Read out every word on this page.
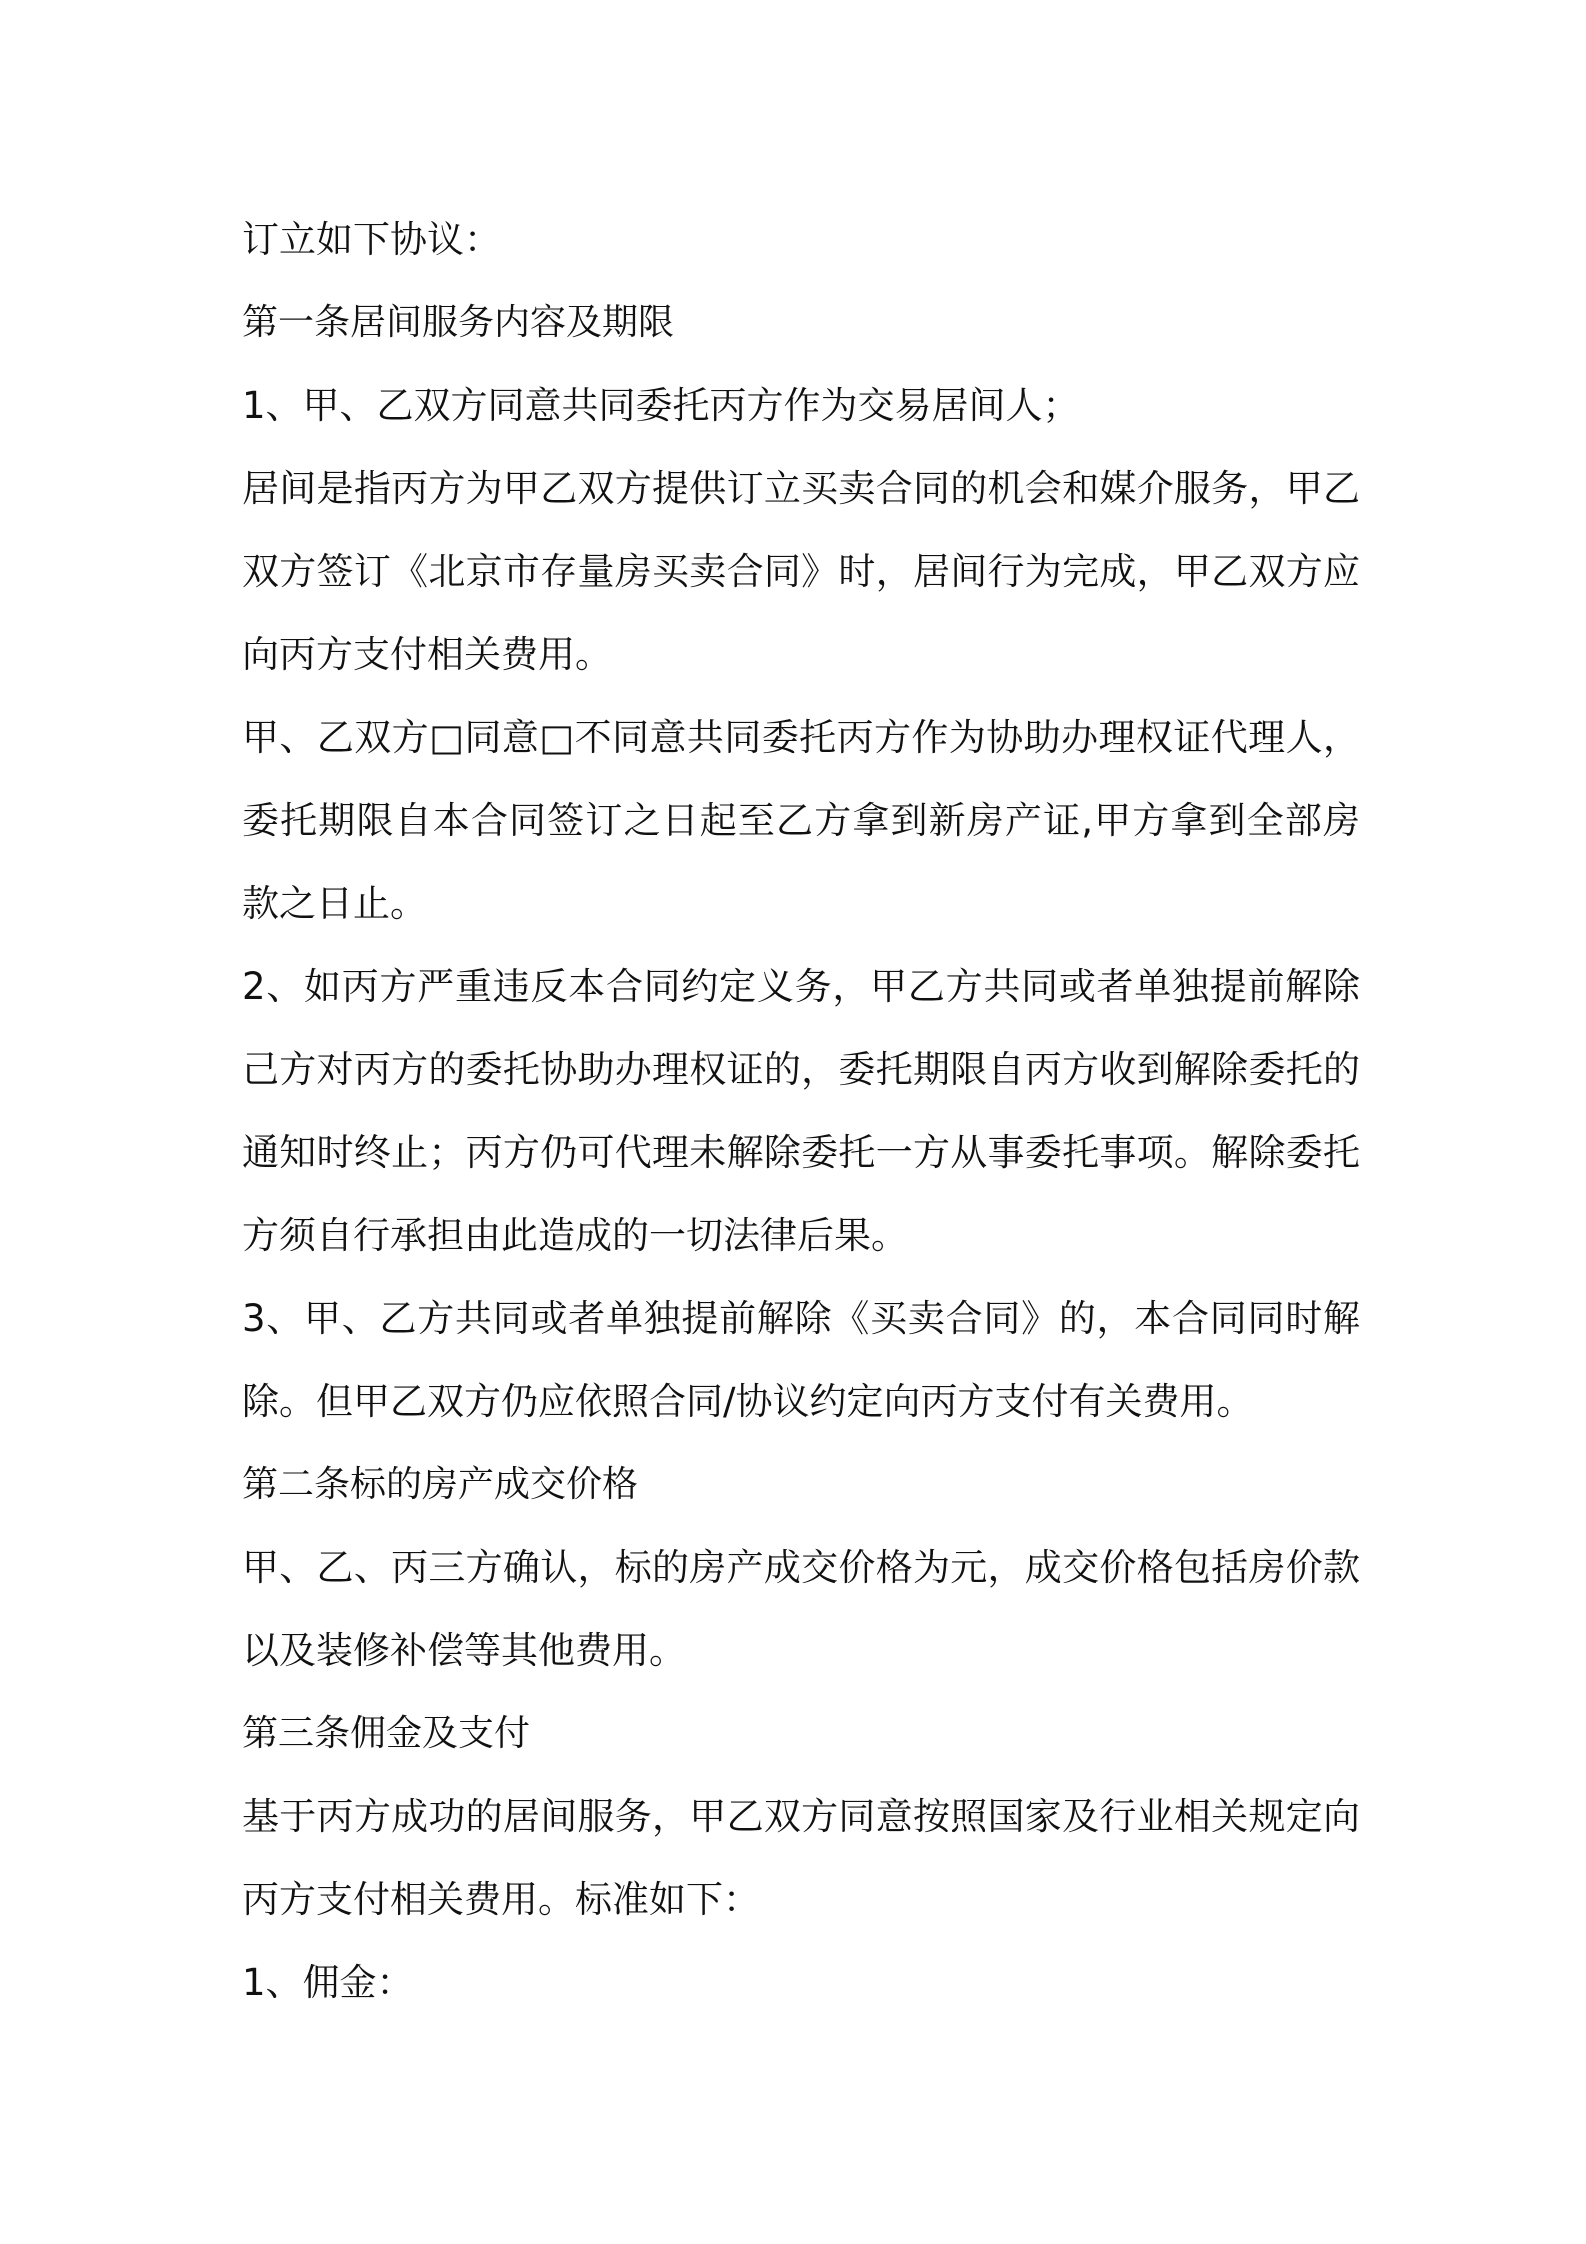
订立如下协议：

第一条居间服务内容及期限

1、甲、乙双方同意共同委托丙方作为交易居间人；

居间是指丙方为甲乙双方提供订立买卖合同的机会和媒介服务，甲乙双方签订《北京市存量房买卖合同》时，居间行为完成，甲乙双方应向丙方支付相关费用。

甲、乙双方□同意□不同意共同委托丙方作为协助办理权证代理人，委托期限自本合同签订之日起至乙方拿到新房产证,甲方拿到全部房款之日止。

2、如丙方严重违反本合同约定义务，甲乙方共同或者单独提前解除己方对丙方的委托协助办理权证的，委托期限自丙方收到解除委托的通知时终止；丙方仍可代理未解除委托一方从事委托事项。解除委托方须自行承担由此造成的一切法律后果。

3、甲、乙方共同或者单独提前解除《买卖合同》的，本合同同时解除。但甲乙双方仍应依照合同/协议约定向丙方支付有关费用。

第二条标的房产成交价格

甲、乙、丙三方确认，标的房产成交价格为元，成交价格包括房价款以及装修补偿等其他费用。

第三条佣金及支付

基于丙方成功的居间服务，甲乙双方同意按照国家及行业相关规定向丙方支付相关费用。标准如下：

1、佣金：
